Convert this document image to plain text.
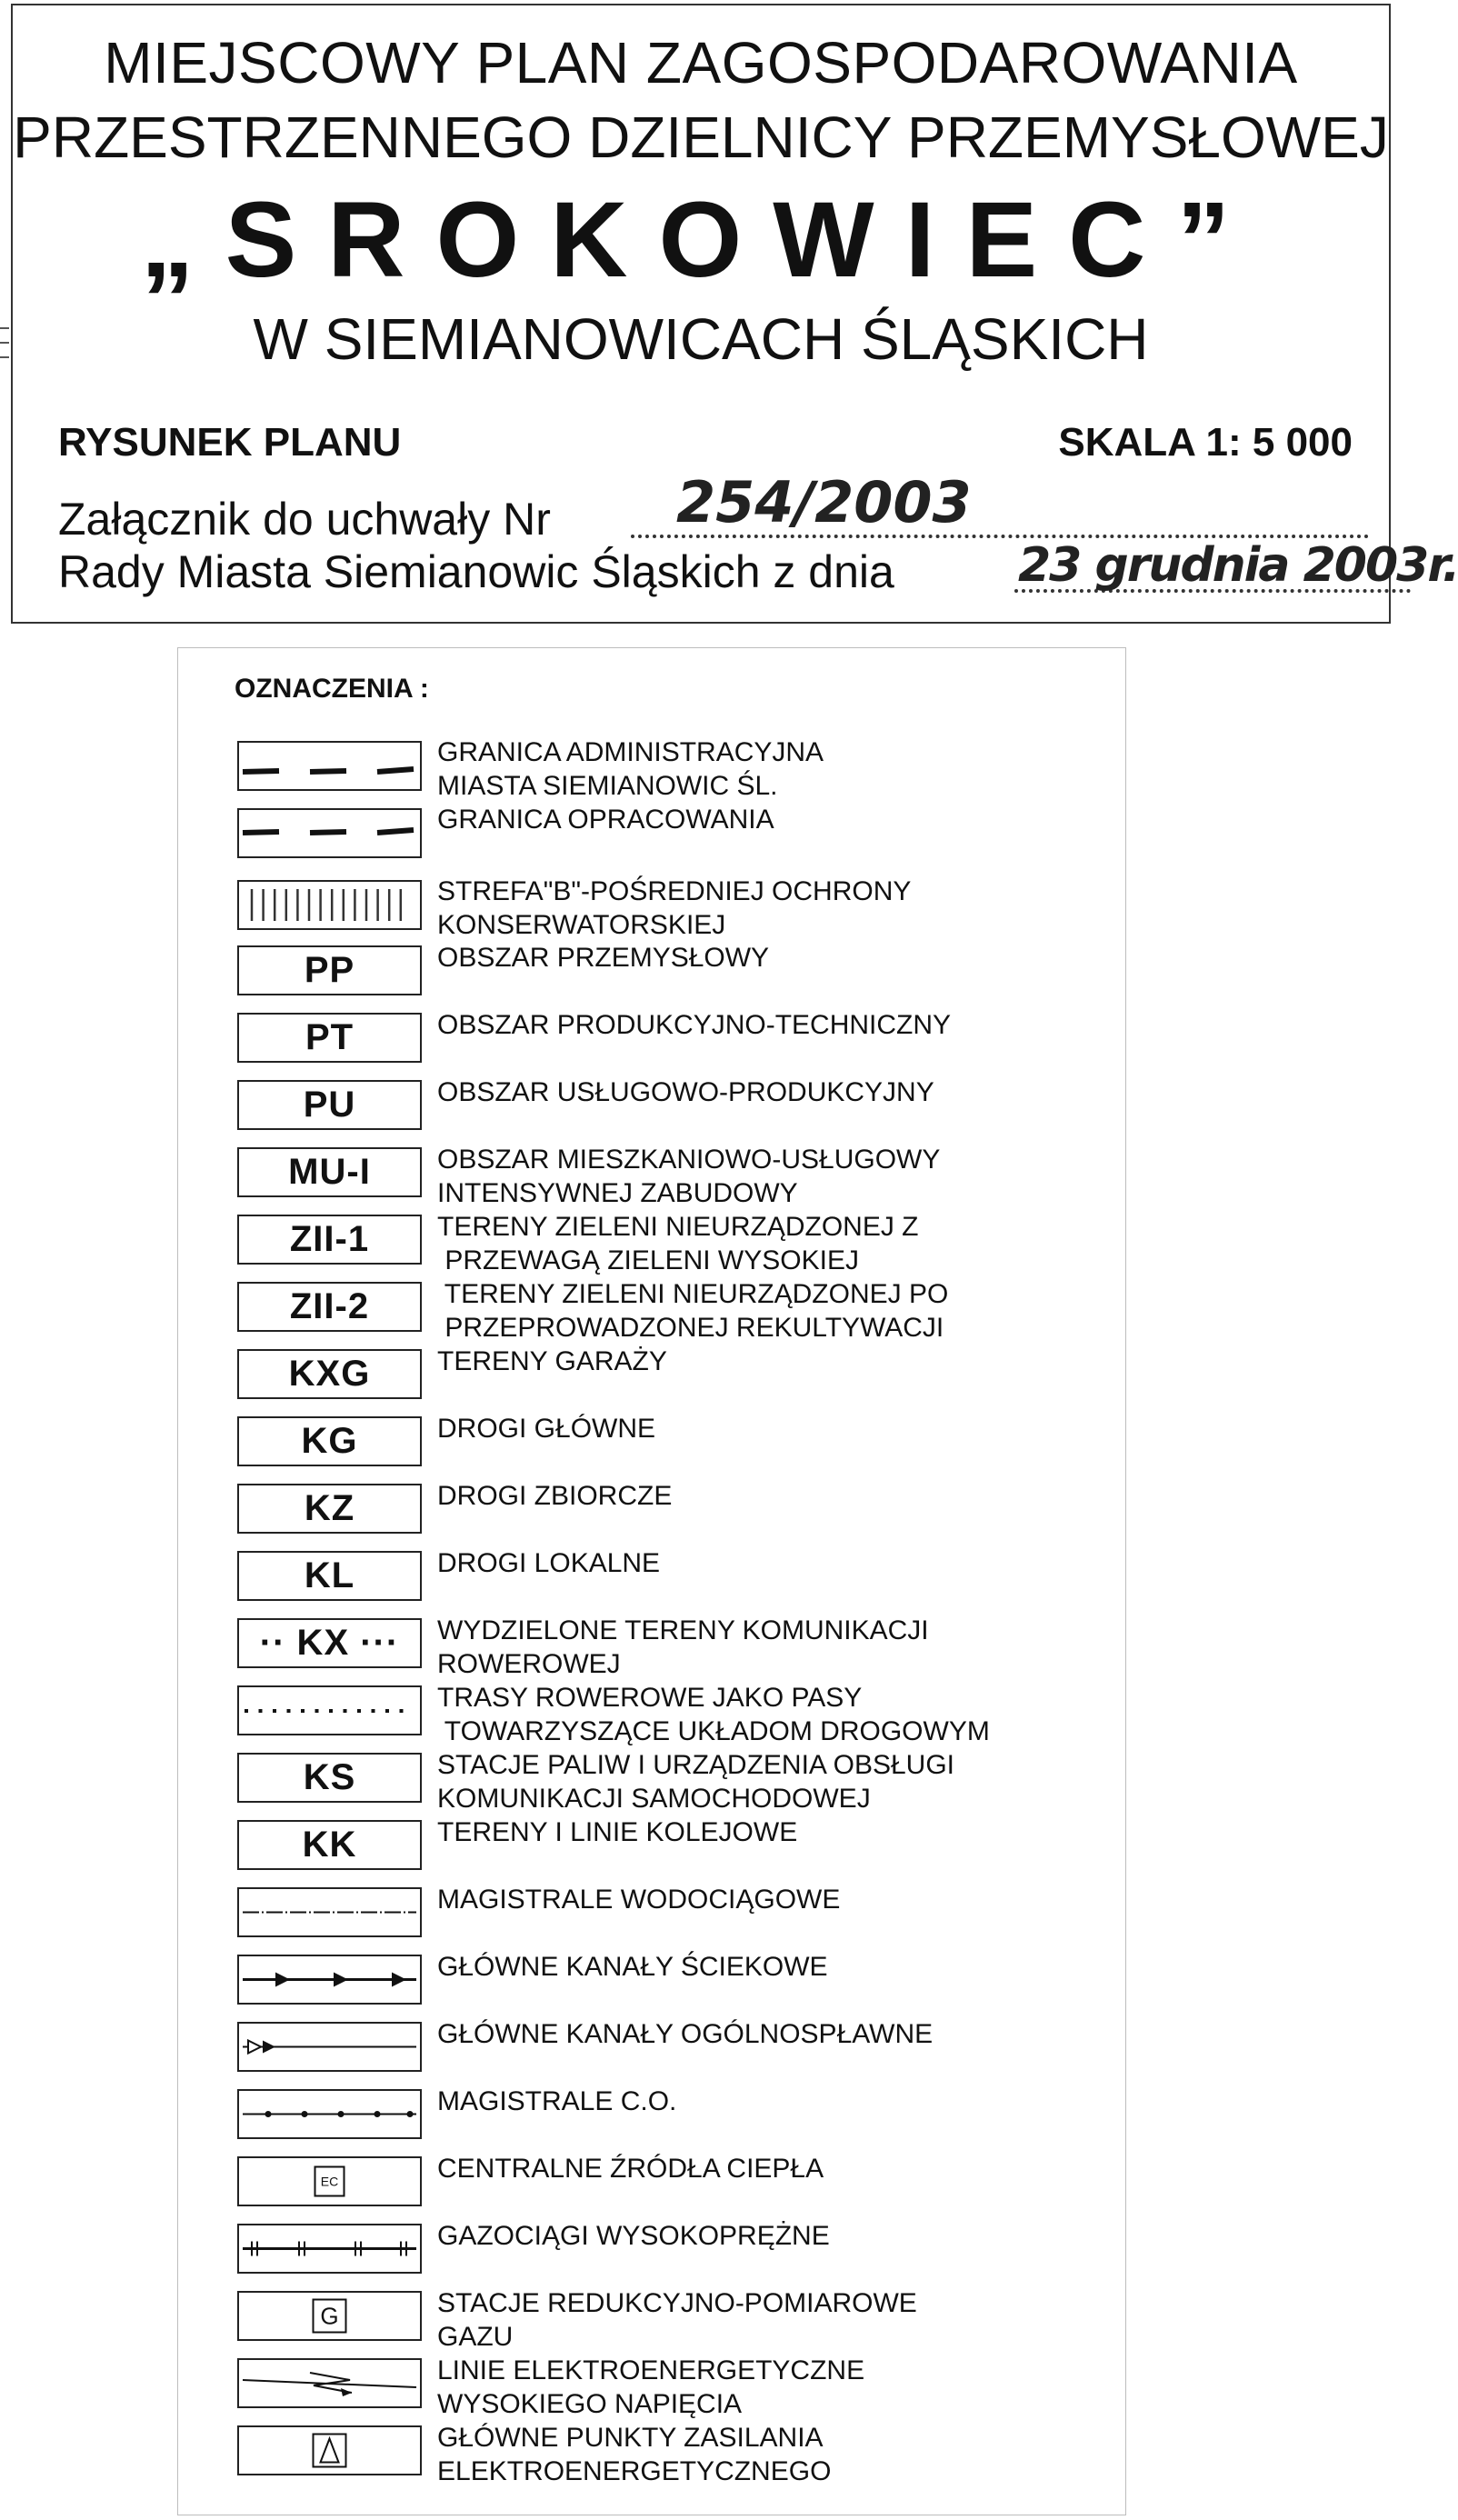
MIEJSCOWY PLAN ZAGOSPODAROWANIA
PRZESTRZENNEGO DZIELNICY PRZEMYSŁOWEJ
„SROKOWIEC”
W SIEMIANOWICACH ŚLĄSKICH
RYSUNEK PLANU	SKALA 1: 5 000
Załącznik do uchwały Nr 254/2003
Rady Miasta Siemianowic Śląskich z dnia	23 grudnia 2003r.
OZNACZENIA :
GRANICA ADMINISTRACYJNA
MIASTA SIEMIANOWIC ŚL.
GRANICA OPRACOWANIA
STREFA"B"-POŚREDNIEJ OCHRONY
KONSERWATORSKIEJ
PP	OBSZAR PRZEMYSŁOWY
PT	OBSZAR PRODUKCYJNO-TECHNICZNY
PU	OBSZAR USŁUGOWO-PRODUKCYJNY
MU-I OBSZAR MIESZKANIOWO-USŁUGOWY
INTENSYWNEJ ZABUDOWY
ZII-1 TERENY ZIELENI NIEURZĄDZONEJ Z
PRZEWAGĄ ZIELENI WYSOKIEJ
ZII-2 TERENY ZIELENI NIEURZĄDZONEJ PO
PRZEPROWADZONEJ REKULTYWACJI
KXG TERENY GARAŻY
KG	DROGI GŁÓWNE
KZ	DROGI ZBIORCZE
KL	DROGI LOKALNE
·· KX ··· WYDZIELONE TERENY KOMUNIKACJI
ROWEROWEJ
TRASY ROWEROWE JAKO PASY
TOWARZYSZĄCE UKŁADOM DROGOWYM
KS	STACJE PALIW I URZĄDZENIA OBSŁUGI
KOMUNIKACJI SAMOCHODOWEJ
KK	TERENY I LINIE KOLEJOWE
MAGISTRALE WODOCIĄGOWE
GŁÓWNE KANAŁY ŚCIEKOWE
GŁÓWNE KANAŁY OGÓLNOSPŁAWNE
MAGISTRALE C.O.
EC	CENTRALNE ŹRÓDŁA CIEPŁA
GAZOCIĄGI WYSOKOPRĘŻNE
G	STACJE REDUKCYJNO-POMIAROWE
GAZU
LINIE ELEKTROENERGETYCZNE
WYSOKIEGO NAPIĘCIA
GŁÓWNE PUNKTY ZASILANIA
ELEKTROENERGETYCZNEGO
